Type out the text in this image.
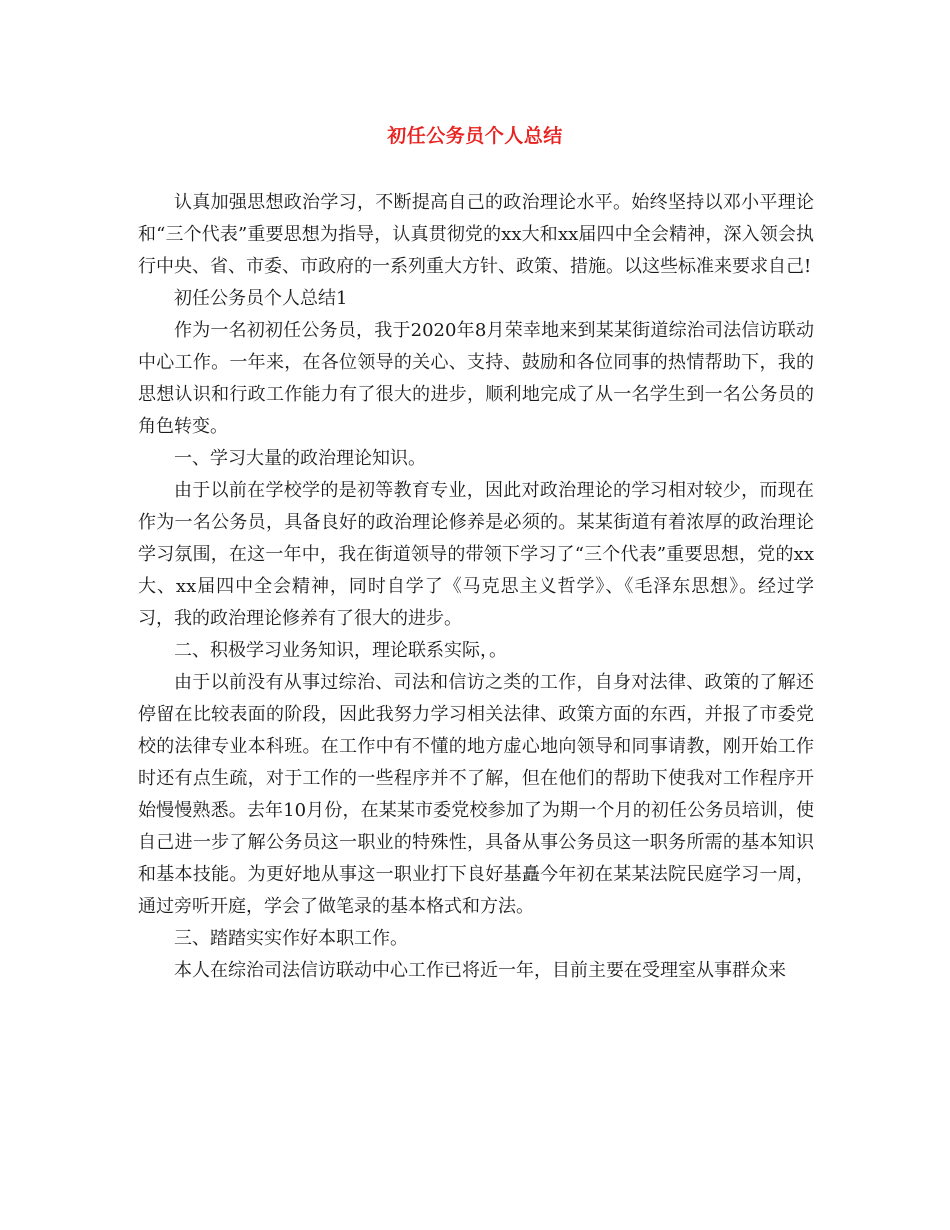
初任公务员个人总结

认真加强思想政治学习，不断提高自己的政治理论水平。始终坚持以邓小平理论和“三个代表”重要思想为指导，认真贯彻党的xx大和xx届四中全会精神，深入领会执行中央、省、市委、市政府的一系列重大方针、政策、措施。以这些标准来要求自己!

初任公务员个人总结1

作为一名初初任公务员，我于2020年8月荣幸地来到某某街道综治司法信访联动中心工作。一年来，在各位领导的关心、支持、鼓励和各位同事的热情帮助下，我的思想认识和行政工作能力有了很大的进步，顺利地完成了从一名学生到一名公务员的角色转变。

一、学习大量的政治理论知识。

由于以前在学校学的是初等教育专业，因此对政治理论的学习相对较少，而现在作为一名公务员，具备良好的政治理论修养是必须的。某某街道有着浓厚的政治理论学习氛围，在这一年中，我在街道领导的带领下学习了“三个代表”重要思想，党的xx大、xx届四中全会精神，同时自学了《马克思主义哲学》、《毛泽东思想》。经过学习，我的政治理论修养有了很大的进步。

二、积极学习业务知识，理论联系实际，。

由于以前没有从事过综治、司法和信访之类的工作，自身对法律、政策的了解还停留在比较表面的阶段，因此我努力学习相关法律、政策方面的东西，并报了市委党校的法律专业本科班。在工作中有不懂的地方虚心地向领导和同事请教，刚开始工作时还有点生疏，对于工作的一些程序并不了解，但在他们的帮助下使我对工作程序开始慢慢熟悉。去年10月份，在某某市委党校参加了为期一个月的初任公务员培训，使自己进一步了解公务员这一职业的特殊性，具备从事公务员这一职务所需的基本知识和基本技能。为更好地从事这一职业打下良好基矗今年初在某某法院民庭学习一周，通过旁听开庭，学会了做笔录的基本格式和方法。

三、踏踏实实作好本职工作。

本人在综治司法信访联动中心工作已将近一年，目前主要在受理室从事群众来
